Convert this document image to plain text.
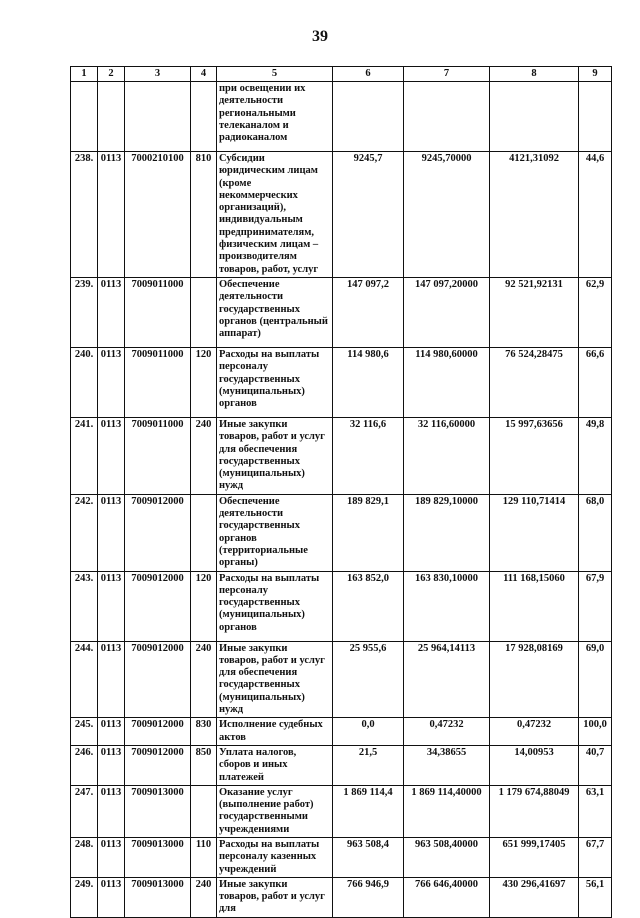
39
1	2	3	4	5	6	7	8	9
				при освещении их деятельности региональными телеканалом и радиоканалом				
238.	0113	7000210100	810	Субсидии юридическим лицам (кроме некоммерческих организаций), индивидуальным предпринимателям, физическим лицам – производителям товаров, работ, услуг	9245,7	9245,70000	4121,31092	44,6
239.	0113	7009011000		Обеспечение деятельности государственных органов (центральный аппарат)	147 097,2	147 097,20000	92 521,92131	62,9
240.	0113	7009011000	120	Расходы на выплаты персоналу государственных (муниципальных) органов	114 980,6	114 980,60000	76 524,28475	66,6
241.	0113	7009011000	240	Иные закупки товаров, работ и услуг для обеспечения государственных (муниципальных) нужд	32 116,6	32 116,60000	15 997,63656	49,8
242.	0113	7009012000		Обеспечение деятельности государственных органов (территориальные органы)	189 829,1	189 829,10000	129 110,71414	68,0
243.	0113	7009012000	120	Расходы на выплаты персоналу государственных (муниципальных) органов	163 852,0	163 830,10000	111 168,15060	67,9
244.	0113	7009012000	240	Иные закупки товаров, работ и услуг для обеспечения государственных (муниципальных) нужд	25 955,6	25 964,14113	17 928,08169	69,0
245.	0113	7009012000	830	Исполнение судебных актов	0,0	0,47232	0,47232	100,0
246.	0113	7009012000	850	Уплата налогов, сборов и иных платежей	21,5	34,38655	14,00953	40,7
247.	0113	7009013000		Оказание услуг (выполнение работ) государственными учреждениями	1 869 114,4	1 869 114,40000	1 179 674,88049	63,1
248.	0113	7009013000	110	Расходы на выплаты персоналу казенных учреждений	963 508,4	963 508,40000	651 999,17405	67,7
249.	0113	7009013000	240	Иные закупки товаров, работ и услуг для	766 946,9	766 646,40000	430 296,41697	56,1
